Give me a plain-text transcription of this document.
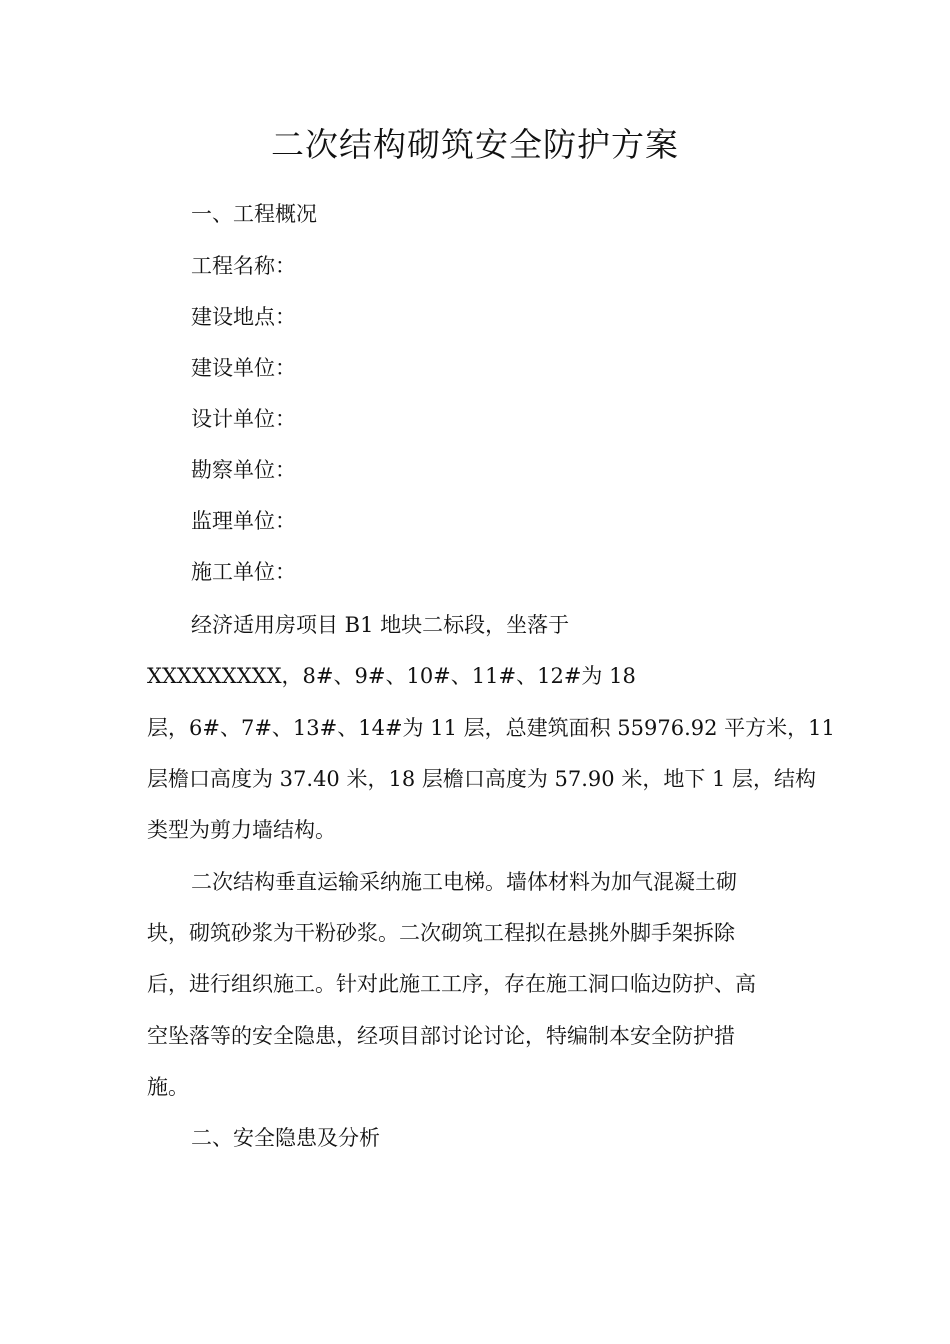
二次结构砌筑安全防护方案
一、工程概况
工程名称：
建设地点：
建设单位：
设计单位：
勘察单位：
监理单位：
施工单位：
经济适用房项目 B1 地块二标段，坐落于
XXXXXXXXX，8#、9#、10#、11#、12#为 18
层，6#、7#、13#、14#为 11 层，总建筑面积 55976.92 平方米，11
层檐口高度为 37.40 米，18 层檐口高度为 57.90 米，地下 1 层，结构
类型为剪力墙结构。
二次结构垂直运输采纳施工电梯。墙体材料为加气混凝土砌
块，砌筑砂浆为干粉砂浆。二次砌筑工程拟在悬挑外脚手架拆除
后，进行组织施工。针对此施工工序，存在施工洞口临边防护、高
空坠落等的安全隐患，经项目部讨论讨论，特编制本安全防护措
施。
二、安全隐患及分析
